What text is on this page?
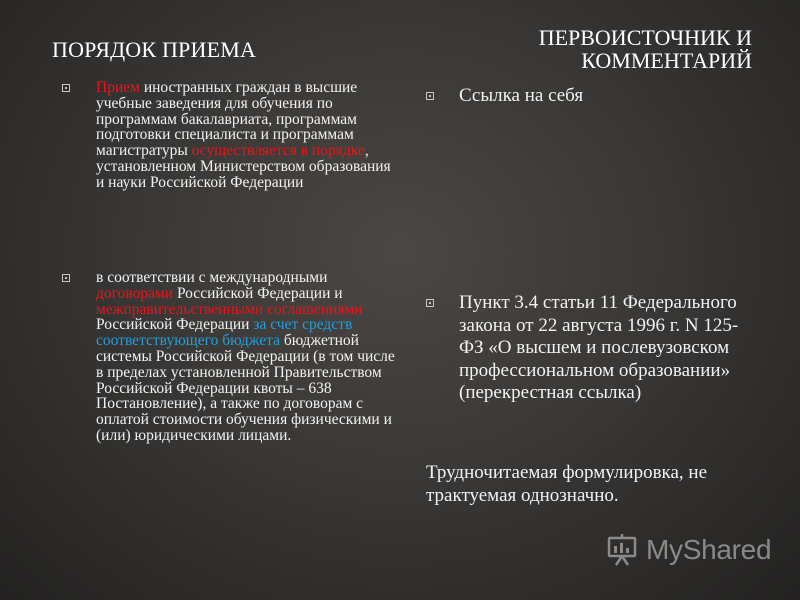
ПОРЯДОК ПРИЕМА	ПЕРВОИСТОЧНИК И КОММЕНТАРИЙ
Прием иностранных граждан в высшие учебные заведения для обучения по программам бакалавриата, программам подготовки специалиста и программам магистратуры осуществляется в порядке, установленном Министерством образования и науки Российской Федерации
в соответствии с международными договорами Российской Федерации и межправительственными соглашениями Российской Федерации за счет средств соответствующего бюджета бюджетной системы Российской Федерации (в том числе в пределах установленной Правительством Российской Федерации квоты – 638 Постановление), а также по договорам с оплатой стоимости обучения физическими и (или) юридическими лицами.
Ссылка на себя
Пункт 3.4 статьи 11 Федерального закона от 22 августа 1996 г. N 125-ФЗ «О высшем и послевузовском профессиональном образовании» (перекрестная ссылка)
Трудночитаемая формулировка, не трактуемая однозначно.
MyShared
